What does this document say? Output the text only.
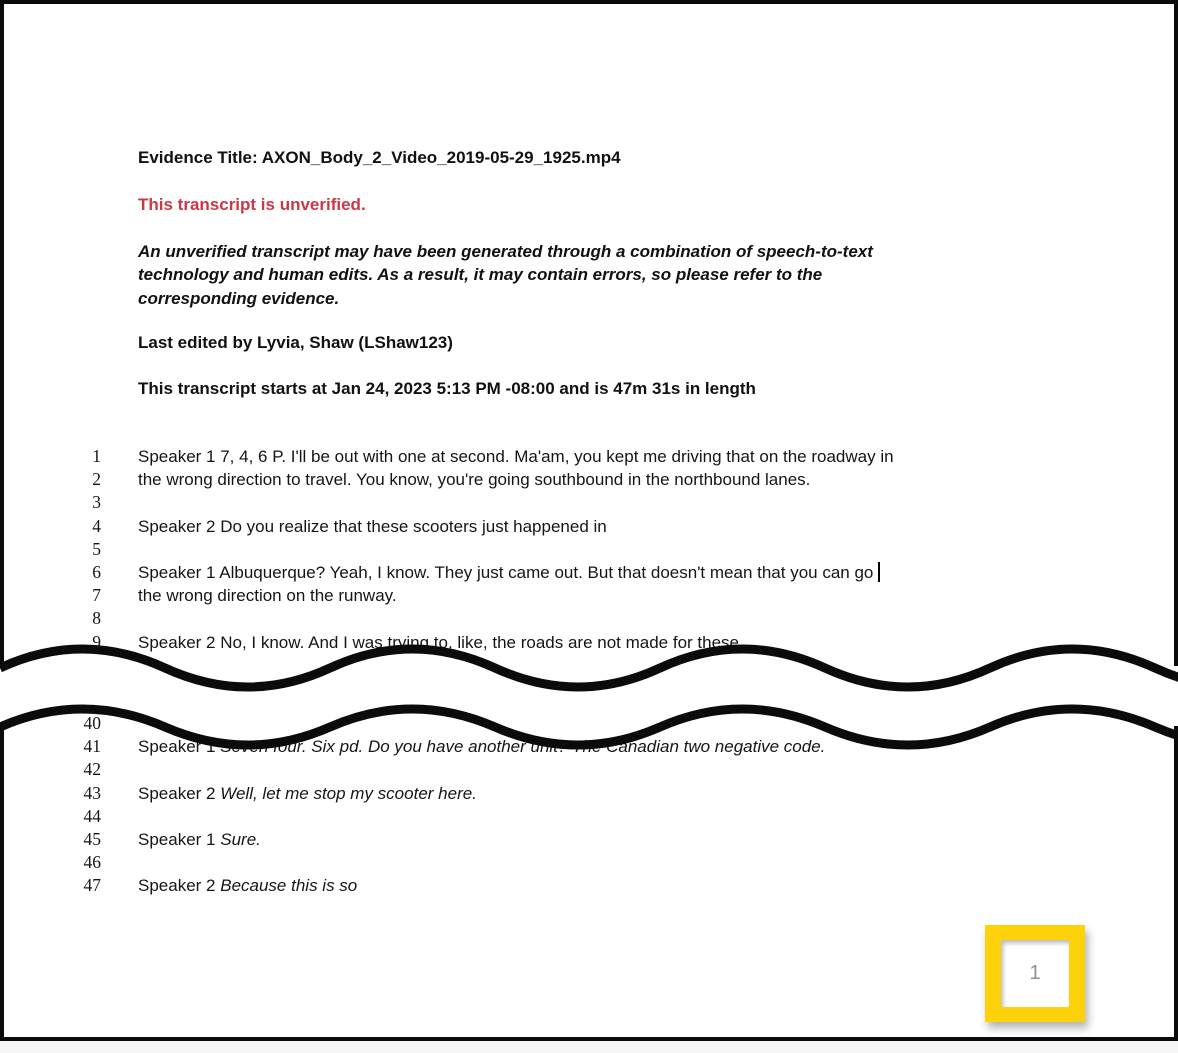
Evidence Title: AXON_Body_2_Video_2019-05-29_1925.mp4
This transcript is unverified.
An unverified transcript may have been generated through a combination of speech-to-text
technology and human edits. As a result, it may contain errors, so please refer to the
corresponding evidence.
Last edited by Lyvia, Shaw (LShaw123)
This transcript starts at Jan 24, 2023 5:13 PM -08:00 and is 47m 31s in length
1 Speaker 1 7, 4, 6 P. I'll be out with one at second. Ma'am, you kept me driving that on the roadway in
2 the wrong direction to travel. You know, you're going southbound in the northbound lanes.
3
4 Speaker 2 Do you realize that these scooters just happened in
5
6 Speaker 1 Albuquerque? Yeah, I know. They just came out. But that doesn't mean that you can go
7 the wrong direction on the runway.
8
9 Speaker 2 No, I know. And I was trying to, like, the roads are not made for these,
40
41 Speaker 1 Seven four. Six pd. Do you have another unit? The Canadian two negative code.
42
43 Speaker 2 Well, let me stop my scooter here.
44
45 Speaker 1 Sure.
46
47 Speaker 2 Because this is so
1
